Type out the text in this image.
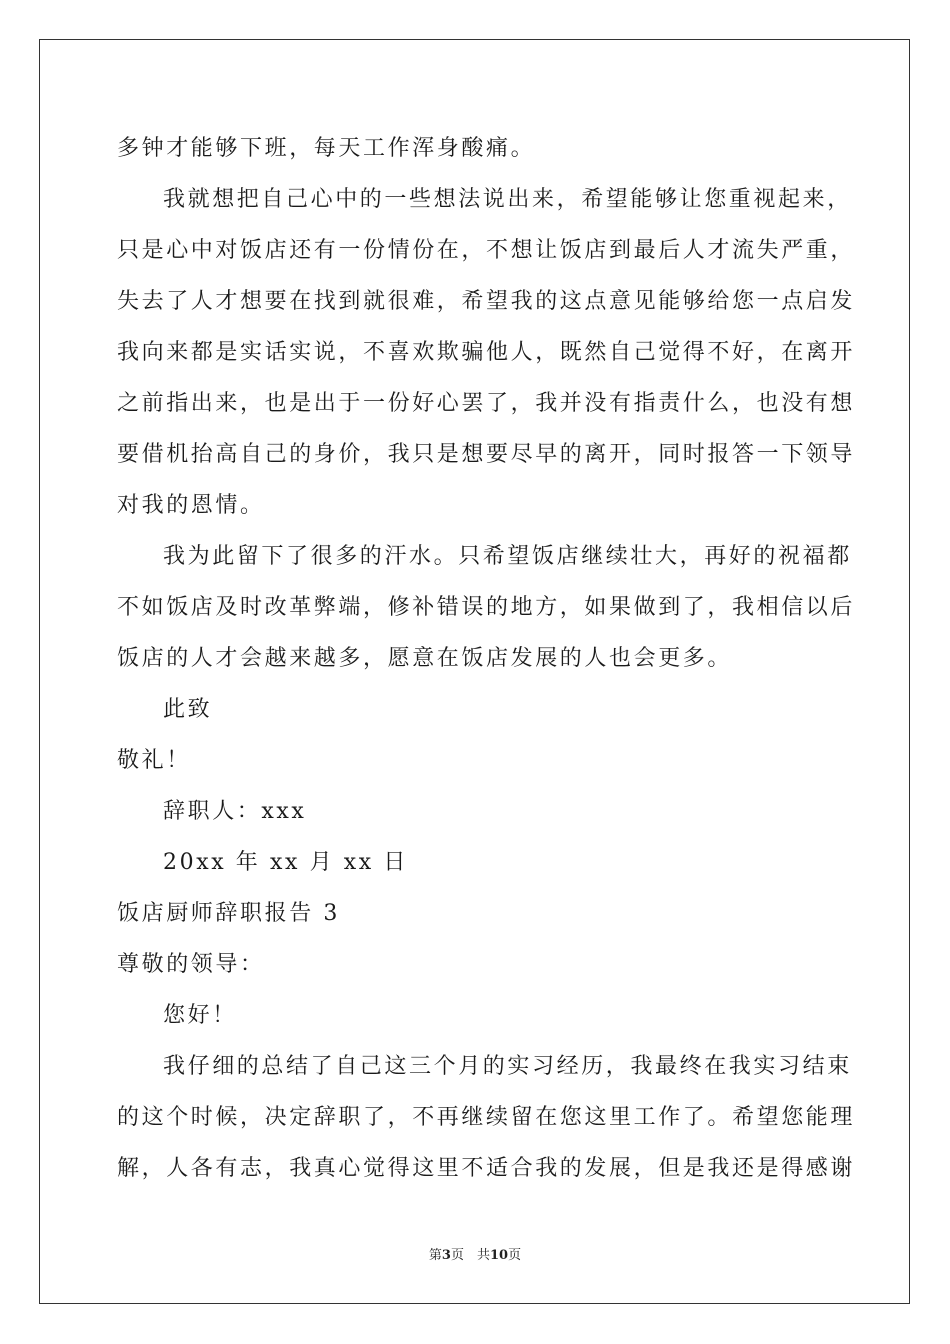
多钟才能够下班，每天工作浑身酸痛。
我就想把自己心中的一些想法说出来，希望能够让您重视起来，
只是心中对饭店还有一份情份在，不想让饭店到最后人才流失严重，
失去了人才想要在找到就很难，希望我的这点意见能够给您一点启发
我向来都是实话实说，不喜欢欺骗他人，既然自己觉得不好，在离开
之前指出来，也是出于一份好心罢了，我并没有指责什么，也没有想
要借机抬高自己的身价，我只是想要尽早的离开，同时报答一下领导
对我的恩情。
我为此留下了很多的汗水。只希望饭店继续壮大，再好的祝福都
不如饭店及时改革弊端，修补错误的地方，如果做到了，我相信以后
饭店的人才会越来越多，愿意在饭店发展的人也会更多。
此致
敬礼！
辞职人：xxx
20xx 年 xx 月 xx 日
饭店厨师辞职报告 3
尊敬的领导：
您好！
我仔细的总结了自己这三个月的实习经历，我最终在我实习结束
的这个时候，决定辞职了，不再继续留在您这里工作了。希望您能理
解，人各有志，我真心觉得这里不适合我的发展，但是我还是得感谢
第3页　共10页
